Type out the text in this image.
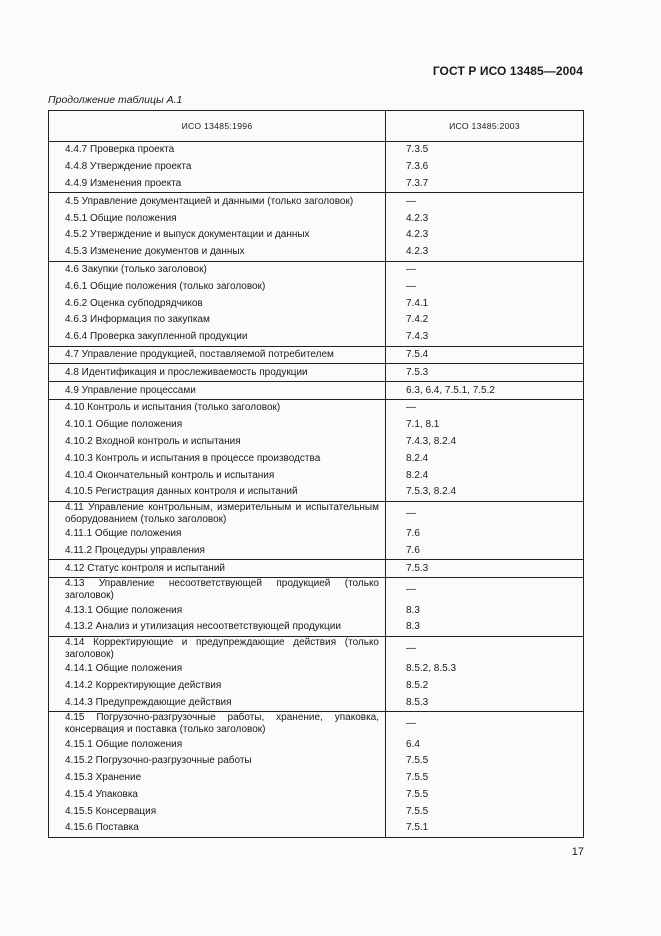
ГОСТ Р ИСО 13485—2004
Продолжение таблицы А.1
ИСО 13485:1996	ИСО 13485:2003
4.4.7 Проверка проекта	7.3.5
4.4.8 Утверждение проекта	7.3.6
4.4.9 Изменения проекта	7.3.7
4.5 Управление документацией и данными (только заголовок)	—
4.5.1 Общие положения	4.2.3
4.5.2 Утверждение и выпуск документации и данных	4.2.3
4.5.3 Изменение документов и данных	4.2.3
4.6 Закупки (только заголовок)	—
4.6.1 Общие положения (только заголовок)	—
4.6.2 Оценка субподрядчиков	7.4.1
4.6.3 Информация по закупкам	7.4.2
4.6.4 Проверка закупленной продукции	7.4.3
4.7 Управление продукцией, поставляемой потребителем	7.5.4
4.8 Идентификация и прослеживаемость продукции	7.5.3
4.9 Управление процессами	6.3, 6.4, 7.5.1, 7.5.2
4.10 Контроль и испытания (только заголовок)	—
4.10.1 Общие положения	7.1, 8.1
4.10.2 Входной контроль и испытания	7.4.3, 8.2.4
4.10.3 Контроль и испытания в процессе производства	8.2.4
4.10.4 Окончательный контроль и испытания	8.2.4
4.10.5 Регистрация данных контроля и испытаний	7.5.3, 8.2.4
4.11 Управление контрольным, измерительным и испытательным оборудованием (только заголовок)	—
4.11.1 Общие положения	7.6
4.11.2 Процедуры управления	7.6
4.12 Статус контроля и испытаний	7.5.3
4.13 Управление несоответствующей продукцией (только заголовок)	—
4.13.1 Общие положения	8.3
4.13.2 Анализ и утилизация несоответствующей продукции	8.3
4.14 Корректирующие и предупреждающие действия (только заголовок)	—
4.14.1 Общие положения	8.5.2, 8.5.3
4.14.2 Корректирующие действия	8.5.2
4.14.3 Предупреждающие действия	8.5.3
4.15 Погрузочно-разгрузочные работы, хранение, упаковка, консервация и поставка (только заголовок)	—
4.15.1 Общие положения	6.4
4.15.2 Погрузочно-разгрузочные работы	7.5.5
4.15.3 Хранение	7.5.5
4.15.4 Упаковка	7.5.5
4.15.5 Консервация	7.5.5
4.15.6 Поставка	7.5.1
17
